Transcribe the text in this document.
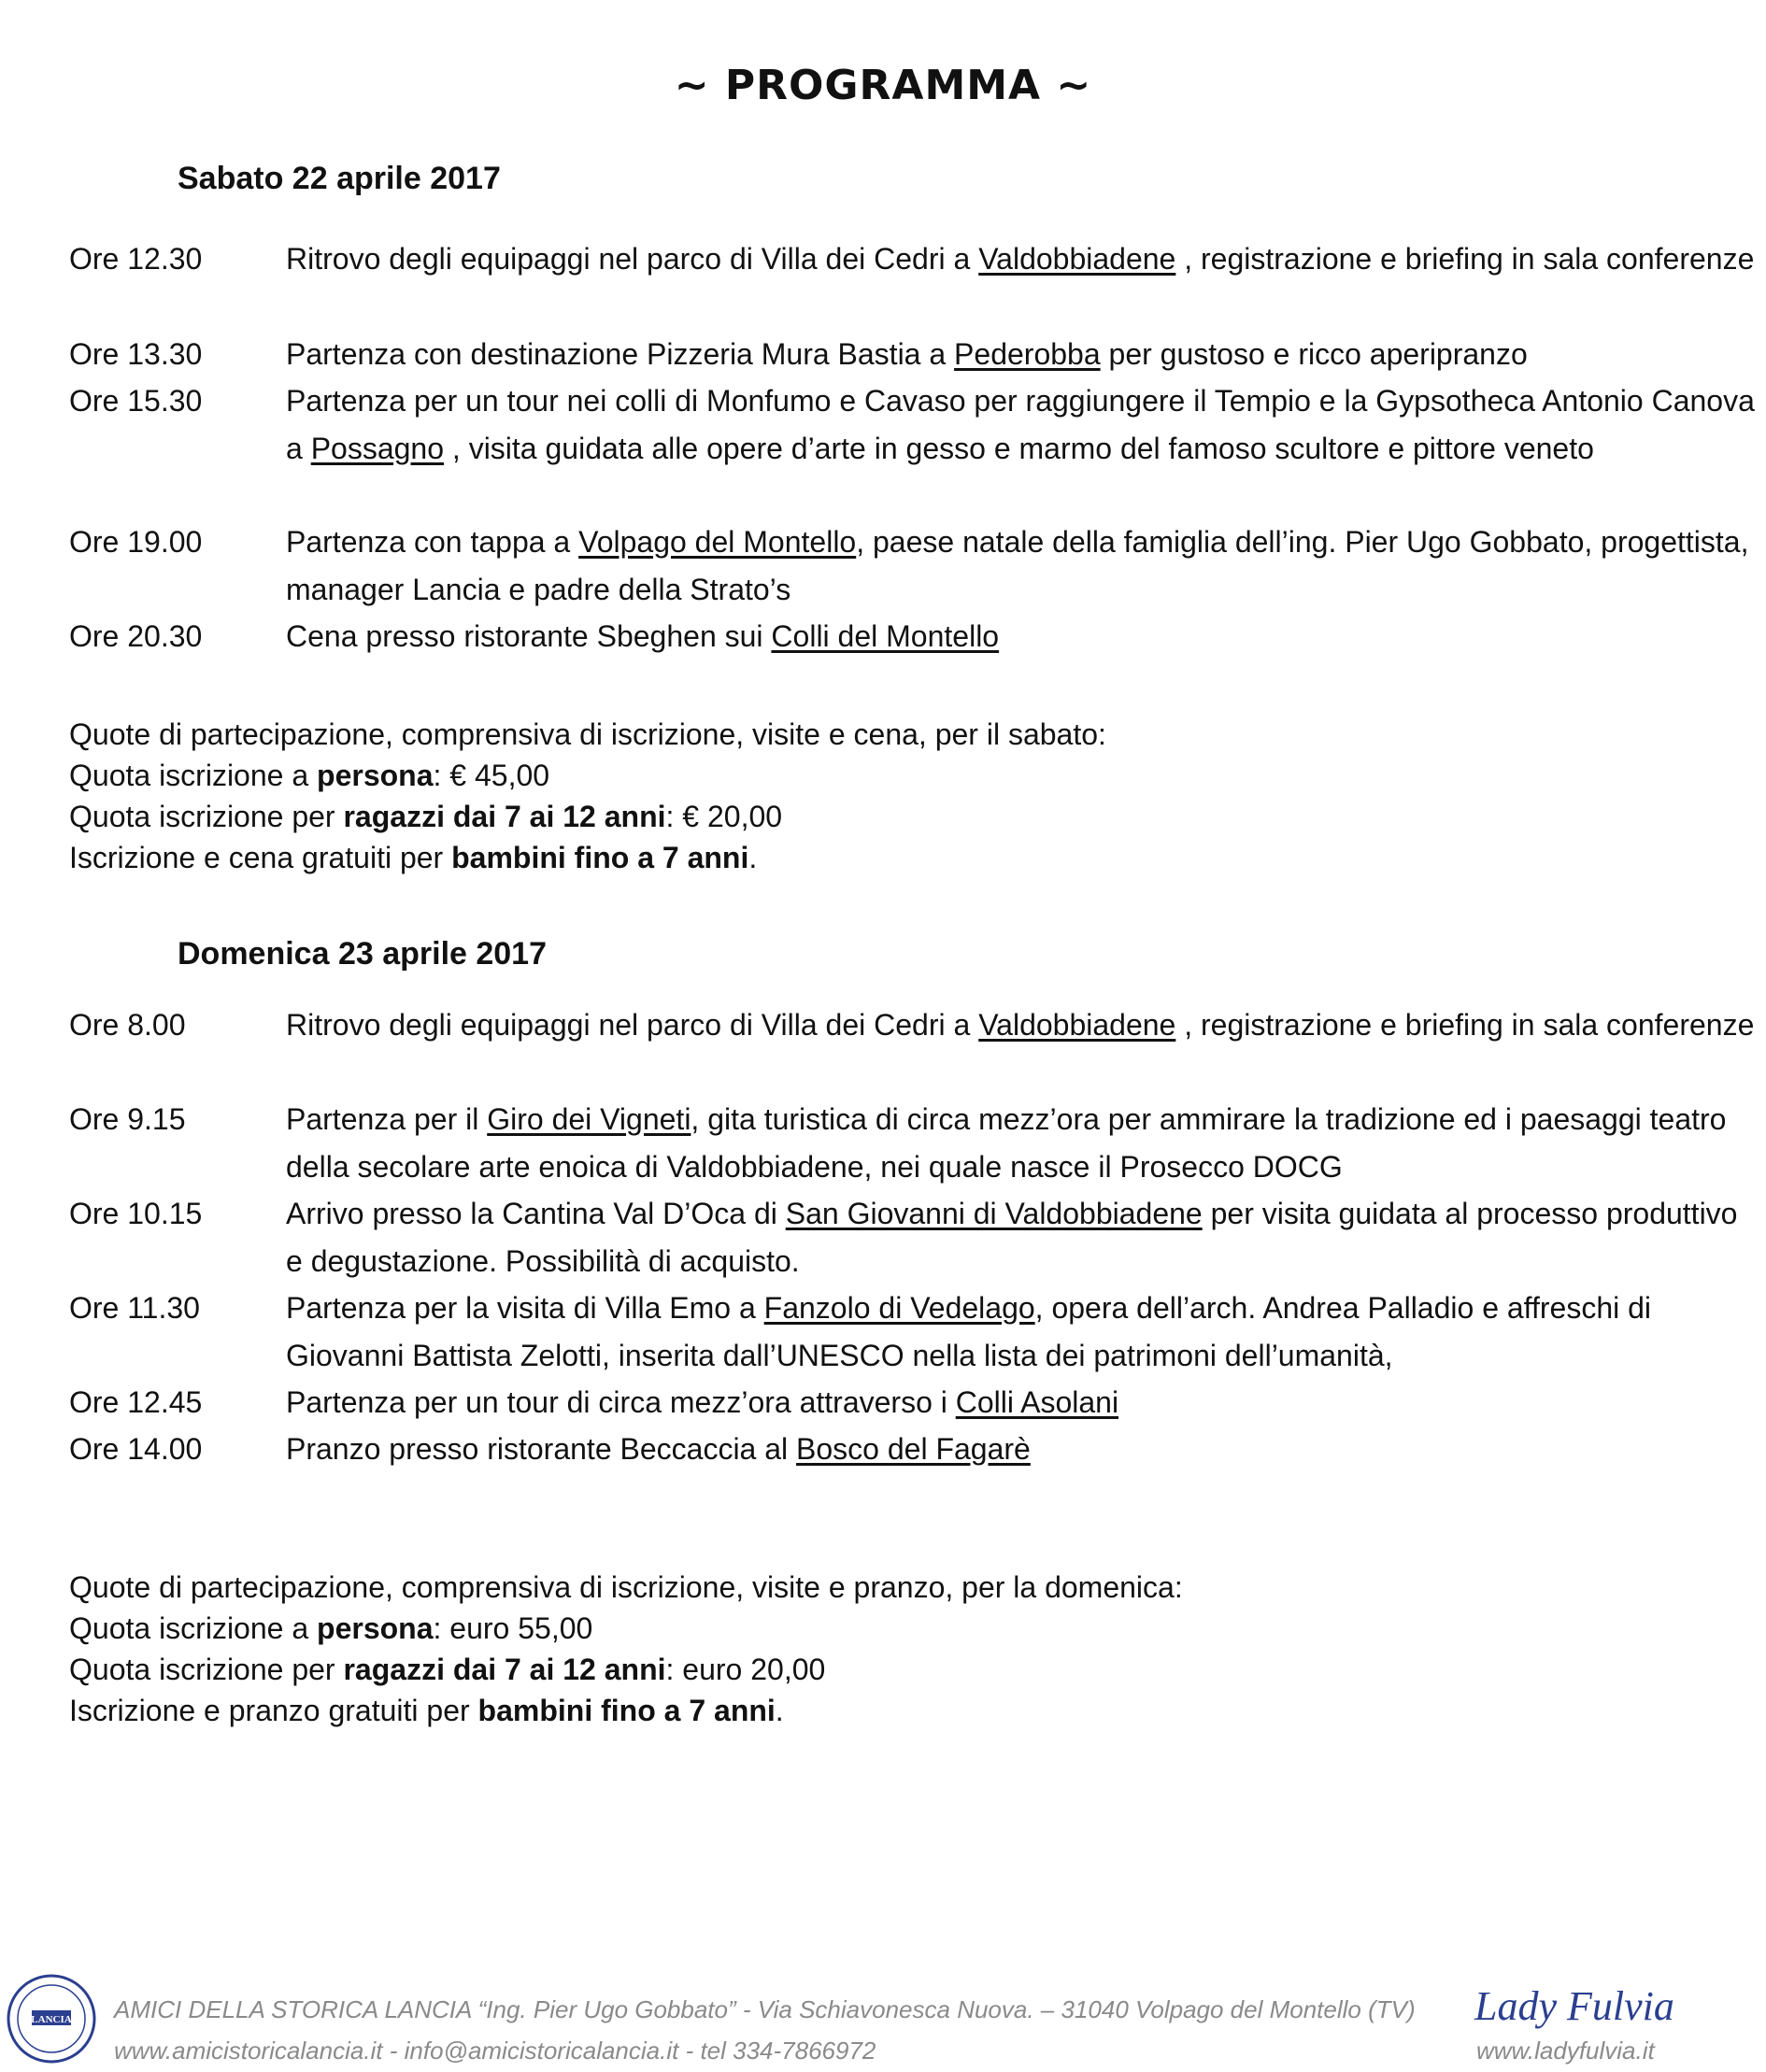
~ PROGRAMMA ~
Sabato 22 aprile 2017
Ore 12.30	Ritrovo degli equipaggi nel parco di Villa dei Cedri a Valdobbiadene , registrazione e briefing in sala conferenze
Ore 13.30	Partenza con destinazione Pizzeria Mura Bastia a Pederobba per gustoso e ricco aperipranzo
Ore 15.30	Partenza per un tour nei colli di Monfumo e Cavaso per raggiungere il Tempio e la Gypsotheca Antonio Canova a Possagno , visita guidata alle opere d’arte in gesso e marmo del famoso scultore e pittore veneto
Ore 19.00	Partenza con tappa a Volpago del Montello, paese natale della famiglia dell’ing. Pier Ugo Gobbato, progettista, manager Lancia e padre della Strato’s
Ore 20.30	Cena presso ristorante Sbeghen sui Colli del Montello
Quote di partecipazione, comprensiva di iscrizione, visite e cena, per il sabato:
Quota iscrizione a persona: € 45,00
Quota iscrizione per ragazzi dai 7 ai 12 anni: € 20,00
Iscrizione e cena gratuiti per bambini fino a 7 anni.
Domenica 23 aprile 2017
Ore 8.00	Ritrovo degli equipaggi nel parco di Villa dei Cedri a Valdobbiadene , registrazione e briefing in sala conferenze
Ore 9.15	Partenza per il Giro dei Vigneti, gita turistica di circa mezz’ora per ammirare la tradizione ed i paesaggi teatro della secolare arte enoica di Valdobbiadene, nei quale nasce il Prosecco DOCG
Ore 10.15	Arrivo presso la Cantina Val D’Oca di San Giovanni di Valdobbiadene per visita guidata al processo produttivo e degustazione. Possibilità di acquisto.
Ore 11.30	Partenza per la visita di Villa Emo a Fanzolo di Vedelago, opera dell’arch. Andrea Palladio e affreschi di Giovanni Battista Zelotti, inserita dall’UNESCO nella lista dei patrimoni dell’umanità,
Ore 12.45	Partenza per un tour di circa mezz’ora attraverso i Colli Asolani
Ore 14.00	Pranzo presso ristorante Beccaccia al Bosco del Fagarè
Quote di partecipazione, comprensiva di iscrizione, visite e pranzo, per la domenica:
Quota iscrizione a persona: euro 55,00
Quota iscrizione per ragazzi dai 7 ai 12 anni: euro 20,00
Iscrizione e pranzo gratuiti per bambini fino a 7 anni.
LANCIA AMICI DELLA STORICA LANCIA “Ing. Pier Ugo Gobbato” - Via Schiavonesca Nuova. – 31040 Volpago del Montello (TV)
www.amicistoricalancia.it - info@amicistoricalancia.it - tel 334-7866972
Lady Fulvia
www.ladyfulvia.it
